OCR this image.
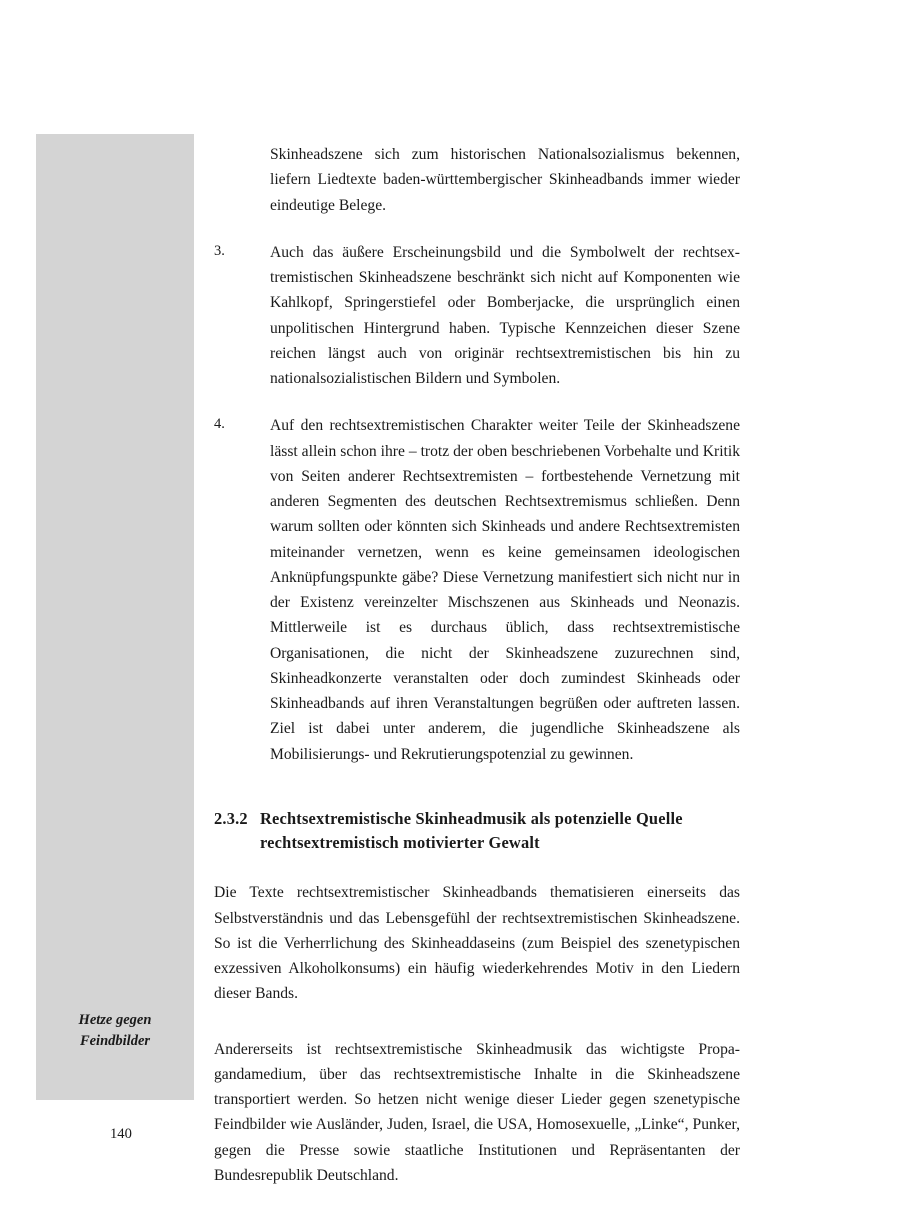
Hetze gegen
Feindbilder

Skinheadszene sich zum historischen Nationalsozialismus bekennen, liefern Liedtexte baden-württembergischer Skinheadbands immer wieder eindeutige Belege.

3.	Auch das äußere Erscheinungsbild und die Symbolwelt der rechtsextremistischen Skinheadszene beschränkt sich nicht auf Komponenten wie Kahlkopf, Springerstiefel oder Bomberjacke, die ursprünglich einen unpolitischen Hintergrund haben. Typische Kennzeichen dieser Szene reichen längst auch von originär rechtsextremistischen bis hin zu nationalsozialistischen Bildern und Symbolen.

4.	Auf den rechtsextremistischen Charakter weiter Teile der Skinheadszene lässt allein schon ihre – trotz der oben beschriebenen Vorbehalte und Kritik von Seiten anderer Rechtsextremisten – fortbestehende Vernetzung mit anderen Segmenten des deutschen Rechtsextremismus schließen. Denn warum sollten oder könnten sich Skinheads und andere Rechtsextremisten miteinander vernetzen, wenn es keine gemeinsamen ideologischen Anknüpfungspunkte gäbe? Diese Vernetzung manifestiert sich nicht nur in der Existenz vereinzelter Mischszenen aus Skinheads und Neonazis. Mittlerweile ist es durchaus üblich, dass rechtsextremistische Organisationen, die nicht der Skinheadszene zuzurechnen sind, Skinheadkonzerte veranstalten oder doch zumindest Skinheads oder Skinheadbands auf ihren Veranstaltungen begrüßen oder auftreten lassen. Ziel ist dabei unter anderem, die jugendliche Skinheadszene als Mobilisierungs- und Rekrutierungspotenzial zu gewinnen.

2.3.2 Rechtsextremistische Skinheadmusik als potenzielle Quelle rechtsextremistisch motivierter Gewalt

Die Texte rechtsextremistischer Skinheadbands thematisieren einerseits das Selbstverständnis und das Lebensgefühl der rechtsextremistischen Skinheadszene. So ist die Verherrlichung des Skinheaddaseins (zum Beispiel des szenetypischen exzessiven Alkoholkonsums) ein häufig wiederkehrendes Motiv in den Liedern dieser Bands.

Andererseits ist rechtsextremistische Skinheadmusik das wichtigste Propagandamedium, über das rechtsextremistische Inhalte in die Skinheadszene transportiert werden. So hetzen nicht wenige dieser Lieder gegen szenetypische Feindbilder wie Ausländer, Juden, Israel, die USA, Homosexuelle, „Linke“, Punker, gegen die Presse sowie staatliche Institutionen und Repräsentanten der Bundesrepublik Deutschland.

140
